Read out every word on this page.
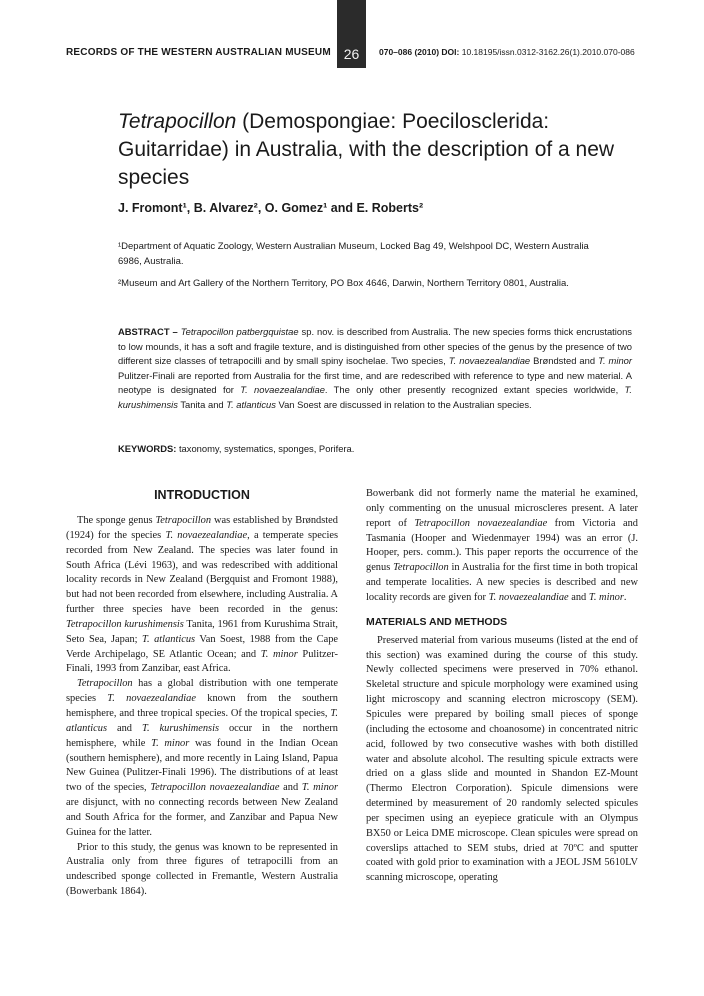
RECORDS OF THE WESTERN AUSTRALIAN MUSEUM 26	070–086 (2010) DOI: 10.18195/issn.0312-3162.26(1).2010.070-086
Tetrapocillon (Demospongiae: Poecilosclerida: Guitarridae) in Australia, with the description of a new species
J. Fromont¹, B. Alvarez², O. Gomez¹ and E. Roberts²
¹Department of Aquatic Zoology, Western Australian Museum, Locked Bag 49, Welshpool DC, Western Australia 6986, Australia.
²Museum and Art Gallery of the Northern Territory, PO Box 4646, Darwin, Northern Territory 0801, Australia.
ABSTRACT – Tetrapocillon patbergquistae sp. nov. is described from Australia. The new species forms thick encrustations to low mounds, it has a soft and fragile texture, and is distinguished from other species of the genus by the presence of two different size classes of tetrapocilli and by small spiny isochelae. Two species, T. novaezealandiae Brøndsted and T. minor Pulitzer-Finali are reported from Australia for the first time, and are redescribed with reference to type and new material. A neotype is designated for T. novaezealandiae. The only other presently recognized extant species worldwide, T. kurushimensis Tanita and T. atlanticus Van Soest are discussed in relation to the Australian species.
KEYWORDS: taxonomy, systematics, sponges, Porifera.
INTRODUCTION

The sponge genus Tetrapocillon was established by Brøndsted (1924) for the species T. novaezealandiae, a temperate species recorded from New Zealand. The species was later found in South Africa (Lévi 1963), and was redescribed with additional locality records in New Zealand (Bergquist and Fromont 1988), but had not been recorded from elsewhere, including Australia. A further three species have been recorded in the genus: Tetrapocillon kurushimensis Tanita, 1961 from Kurushima Strait, Seto Sea, Japan; T. atlanticus Van Soest, 1988 from the Cape Verde Archipelago, SE Atlantic Ocean; and T. minor Pulitzer-Finali, 1993 from Zanzibar, east Africa.

Tetrapocillon has a global distribution with one temperate species T. novaezealandiae known from the southern hemisphere, and three tropical species. Of the tropical species, T. atlanticus and T. kurushimensis occur in the northern hemisphere, while T. minor was found in the Indian Ocean (southern hemisphere), and more recently in Laing Island, Papua New Guinea (Pulitzer-Finali 1996). The distributions of at least two of the species, Tetrapocillon novaezealandiae and T. minor are disjunct, with no connecting records between New Zealand and South Africa for the former, and Zanzibar and Papua New Guinea for the latter.

Prior to this study, the genus was known to be represented in Australia only from three figures of tetrapocilli from an undescribed sponge collected in Fremantle, Western Australia (Bowerbank 1864).

Bowerbank did not formerly name the material he examined, only commenting on the unusual microscleres present. A later report of Tetrapocillon novaezealandiae from Victoria and Tasmania (Hooper and Wiedenmayer 1994) was an error (J. Hooper, pers. comm.). This paper reports the occurrence of the genus Tetrapocillon in Australia for the first time in both tropical and temperate localities. A new species is described and new locality records are given for T. novaezealandiae and T. minor.

MATERIALS AND METHODS

Preserved material from various museums (listed at the end of this section) was examined during the course of this study. Newly collected specimens were preserved in 70% ethanol. Skeletal structure and spicule morphology were examined using light microscopy and scanning electron microscopy (SEM). Spicules were prepared by boiling small pieces of sponge (including the ectosome and choanosome) in concentrated nitric acid, followed by two consecutive washes with both distilled water and absolute alcohol. The resulting spicule extracts were dried on a glass slide and mounted in Shandon EZ-Mount (Thermo Electron Corporation). Spicule dimensions were determined by measurement of 20 randomly selected spicules per specimen using an eyepiece graticule with an Olympus BX50 or Leica DME microscope. Clean spicules were spread on coverslips attached to SEM stubs, dried at 70ºC and sputter coated with gold prior to examination with a JEOL JSM 5610LV scanning microscope, operating
